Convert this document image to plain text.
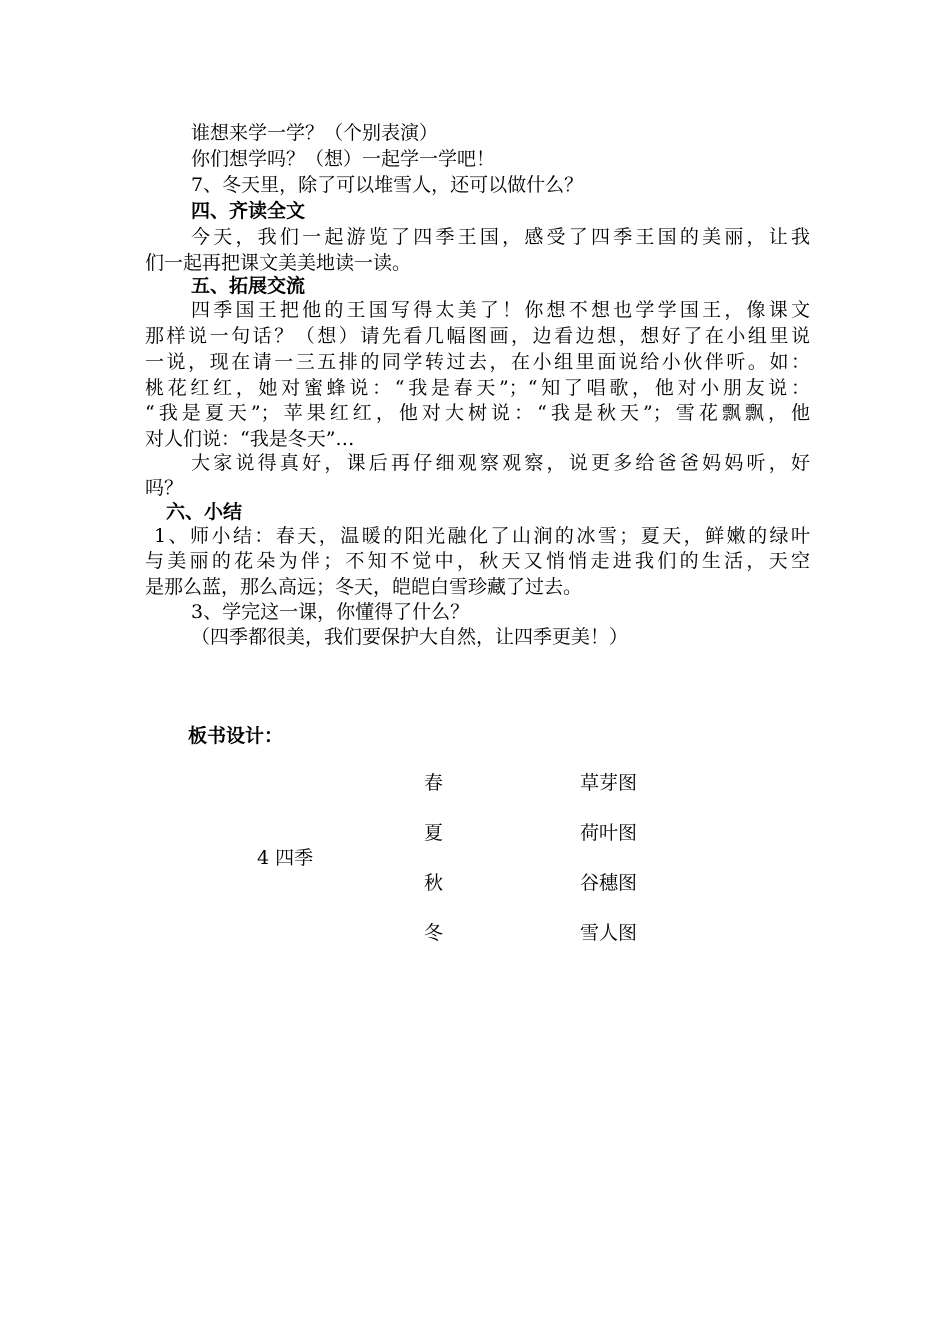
谁想来学一学？（个别表演）
你们想学吗？（想）一起学一学吧！
7、冬天里，除了可以堆雪人，还可以做什么？
四、齐读全文
今天，我们一起游览了四季王国，感受了四季王国的美丽，让我
们一起再把课文美美地读一读。
五、拓展交流
四季国王把他的王国写得太美了！你想不想也学学国王，像课文
那样说一句话？（想）请先看几幅图画，边看边想，想好了在小组里说
一说，现在请一三五排的同学转过去，在小组里面说给小伙伴听。如：
桃花红红，她对蜜蜂说：“我是春天”；“知了唱歌，他对小朋友说：
“我是夏天”；苹果红红，他对大树说：“我是秋天”；雪花飘飘，他
对人们说：“我是冬天”…
大家说得真好，课后再仔细观察观察，说更多给爸爸妈妈听，好
吗？
六、小结
1、师小结：春天，温暖的阳光融化了山涧的冰雪；夏天，鲜嫩的绿叶
与美丽的花朵为伴；不知不觉中，秋天又悄悄走进我们的生活，天空
是那么蓝，那么高远；冬天，皑皑白雪珍藏了过去。
3、学完这一课，你懂得了什么？
（四季都很美，我们要保护大自然，让四季更美！）
板书设计：
4 四季
春
夏
秋
冬
草芽图
荷叶图
谷穗图
雪人图
